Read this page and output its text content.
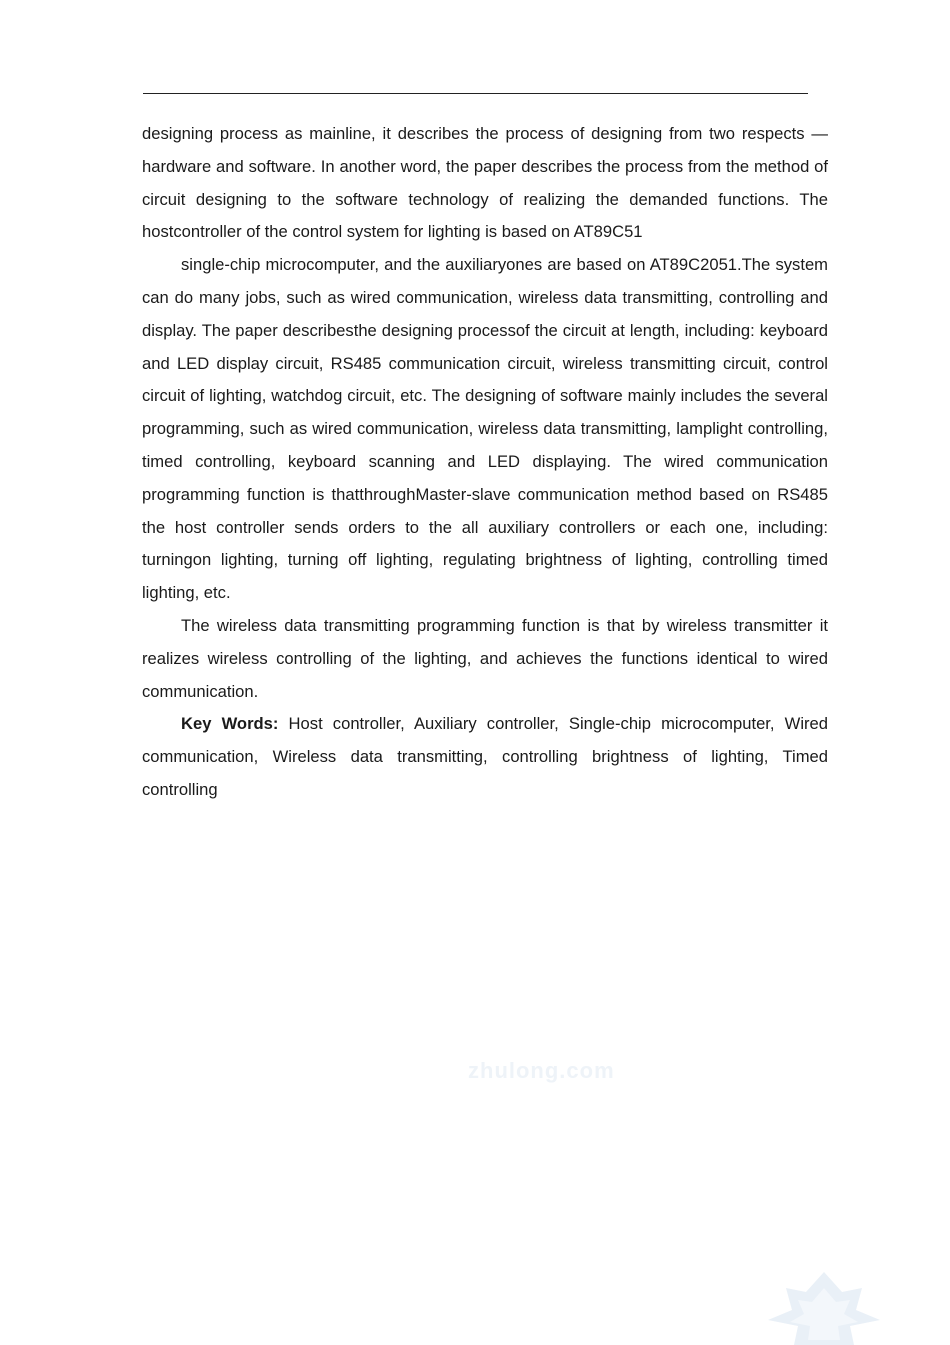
designing process as mainline, it describes the process of designing from two respects — hardware and software. In another word, the paper describes the process from the method of circuit designing to the software technology of realizing the demanded functions. The hostcontroller of the control system for lighting is based on AT89C51

single-chip microcomputer, and the auxiliaryones are based on AT89C2051.The system can do many jobs, such as wired communication, wireless data transmitting, controlling and display. The paper describesthe designing processof the circuit at length, including: keyboard and LED display circuit, RS485 communication circuit, wireless transmitting circuit, control circuit of lighting, watchdog circuit, etc. The designing of software mainly includes the several programming, such as wired communication, wireless data transmitting, lamplight controlling, timed controlling, keyboard scanning and LED displaying. The wired communication programming function is thatthroughMaster-slave communication method based on RS485 the host controller sends orders to the all auxiliary controllers or each one, including: turningon lighting, turning off lighting, regulating brightness of lighting, controlling timed lighting, etc.

The wireless data transmitting programming function is that by wireless transmitter it realizes wireless controlling of the lighting, and achieves the functions identical to wired communication.

Key Words: Host controller, Auxiliary controller, Single-chip microcomputer, Wired communication, Wireless data transmitting, controlling brightness of lighting, Timed controlling

zhulong.com
